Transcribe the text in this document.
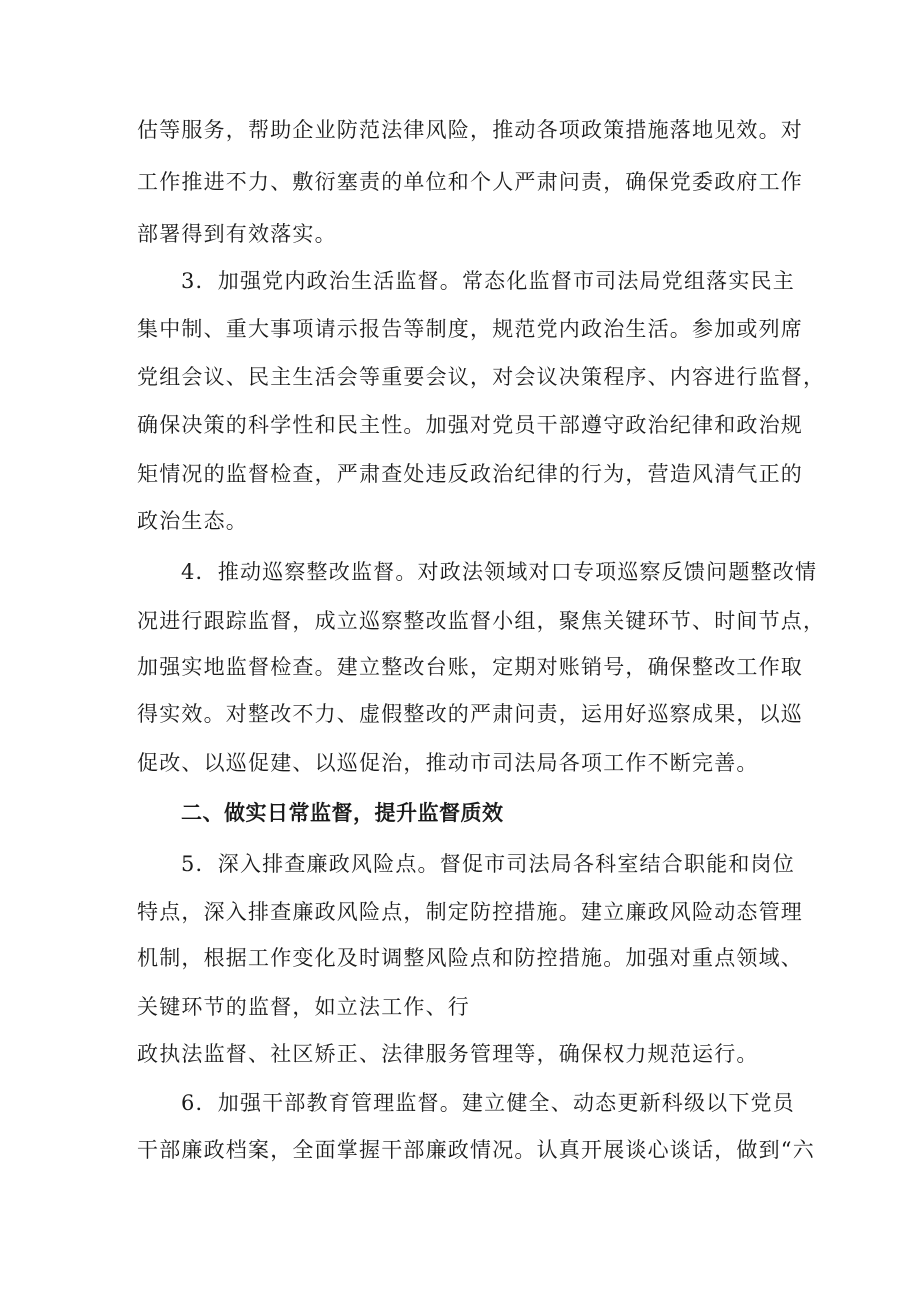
估等服务，帮助企业防范法律风险，推动各项政策措施落地见效。对
工作推进不力、敷衍塞责的单位和个人严肃问责，确保党委政府工作
部署得到有效落实。
3．加强党内政治生活监督。常态化监督市司法局党组落实民主
集中制、重大事项请示报告等制度，规范党内政治生活。参加或列席
党组会议、民主生活会等重要会议，对会议决策程序、内容进行监督，
确保决策的科学性和民主性。加强对党员干部遵守政治纪律和政治规
矩情况的监督检查，严肃查处违反政治纪律的行为，营造风清气正的
政治生态。
4．推动巡察整改监督。对政法领域对口专项巡察反馈问题整改情
况进行跟踪监督，成立巡察整改监督小组，聚焦关键环节、时间节点，
加强实地监督检查。建立整改台账，定期对账销号，确保整改工作取
得实效。对整改不力、虚假整改的严肃问责，运用好巡察成果，以巡
促改、以巡促建、以巡促治，推动市司法局各项工作不断完善。
二、做实日常监督，提升监督质效
5．深入排查廉政风险点。督促市司法局各科室结合职能和岗位
特点，深入排查廉政风险点，制定防控措施。建立廉政风险动态管理
机制，根据工作变化及时调整风险点和防控措施。加强对重点领域、
关键环节的监督，如立法工作、行
政执法监督、社区矫正、法律服务管理等，确保权力规范运行。
6．加强干部教育管理监督。建立健全、动态更新科级以下党员
干部廉政档案，全面掌握干部廉政情况。认真开展谈心谈话，做到“六
